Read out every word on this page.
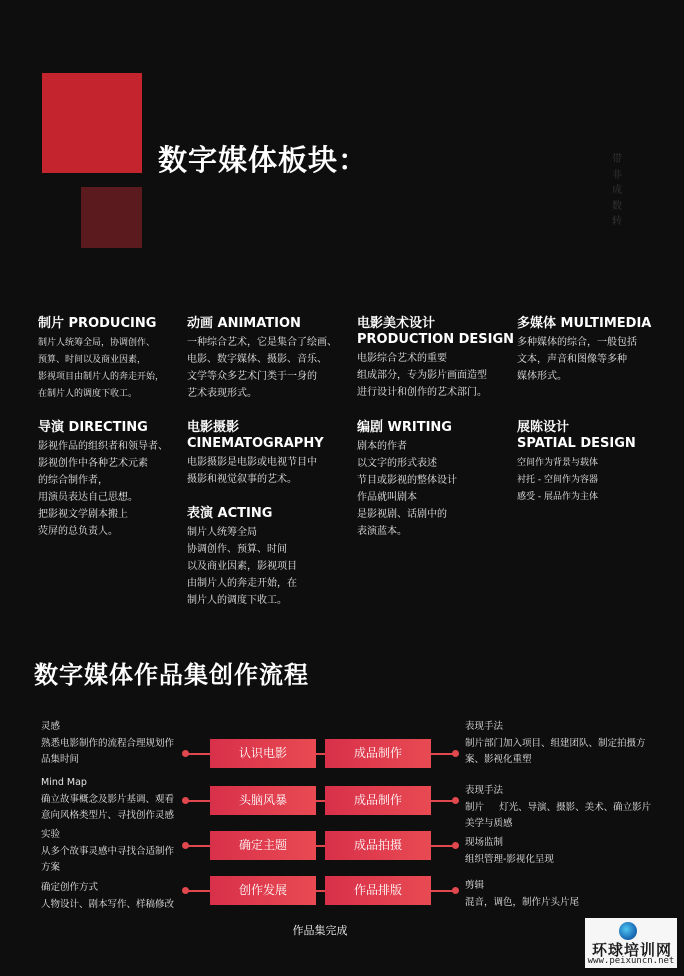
数字媒体板块：	带
非
成
数
转
制片 PRODUCING
制片人统筹全局，协调创作、
预算、时间以及商业因素，
影视项目由制片人的奔走开始，
在制片人的调度下收工。
动画 ANIMATION
一种综合艺术，它是集合了绘画、
电影、数字媒体、摄影、音乐、
文学等众多艺术门类于一身的
艺术表现形式。
电影美术设计
PRODUCTION DESIGN
电影综合艺术的重要
组成部分，专为影片画面造型
进行设计和创作的艺术部门。
多媒体 MULTIMEDIA
多种媒体的综合，一般包括
文本，声音和图像等多种
媒体形式。
导演 DIRECTING
影视作品的组织者和领导者、
影视创作中各种艺术元素
的综合制作者，
用演员表达自己思想。
把影视文学剧本搬上
荧屏的总负责人。
电影摄影
CINEMATOGRAPHY
电影摄影是电影或电视节目中
摄影和视觉叙事的艺术。
编剧 WRITING
剧本的作者
以文字的形式表述
节目或影视的整体设计
作品就叫剧本
是影视剧、话剧中的
表演蓝本。
展陈设计
SPATIAL DESIGN
空间作为背景与载体
衬托 - 空间作为容器
感受 - 展品作为主体
表演 ACTING
制片人统筹全局
协调创作、预算、时间
以及商业因素，影视项目
由制片人的奔走开始，在
制片人的调度下收工。
数字媒体作品集创作流程
灵感
熟悉电影制作的流程合理规划作
品集时间
Mind Map
确立故事概念及影片基调、观看
意向风格类型片、寻找创作灵感
实验
从多个故事灵感中寻找合适制作
方案
确定创作方式
人物设计、剧本写作、样稿修改
认识电影
头脑风暴
确定主题
创作发展
成品制作
成品制作
成品拍摄
作品排版
表现手法
制片部门加入项目、组建团队、制定拍摄方
案、影视化重塑
表现手法
制片     灯光、导演、摄影、美术、确立影片
美学与质感
现场监制
组织管理-影视化呈现
剪辑
混音，调色，制作片头片尾
作品集完成
环球培训网
www.peixuncn.net
